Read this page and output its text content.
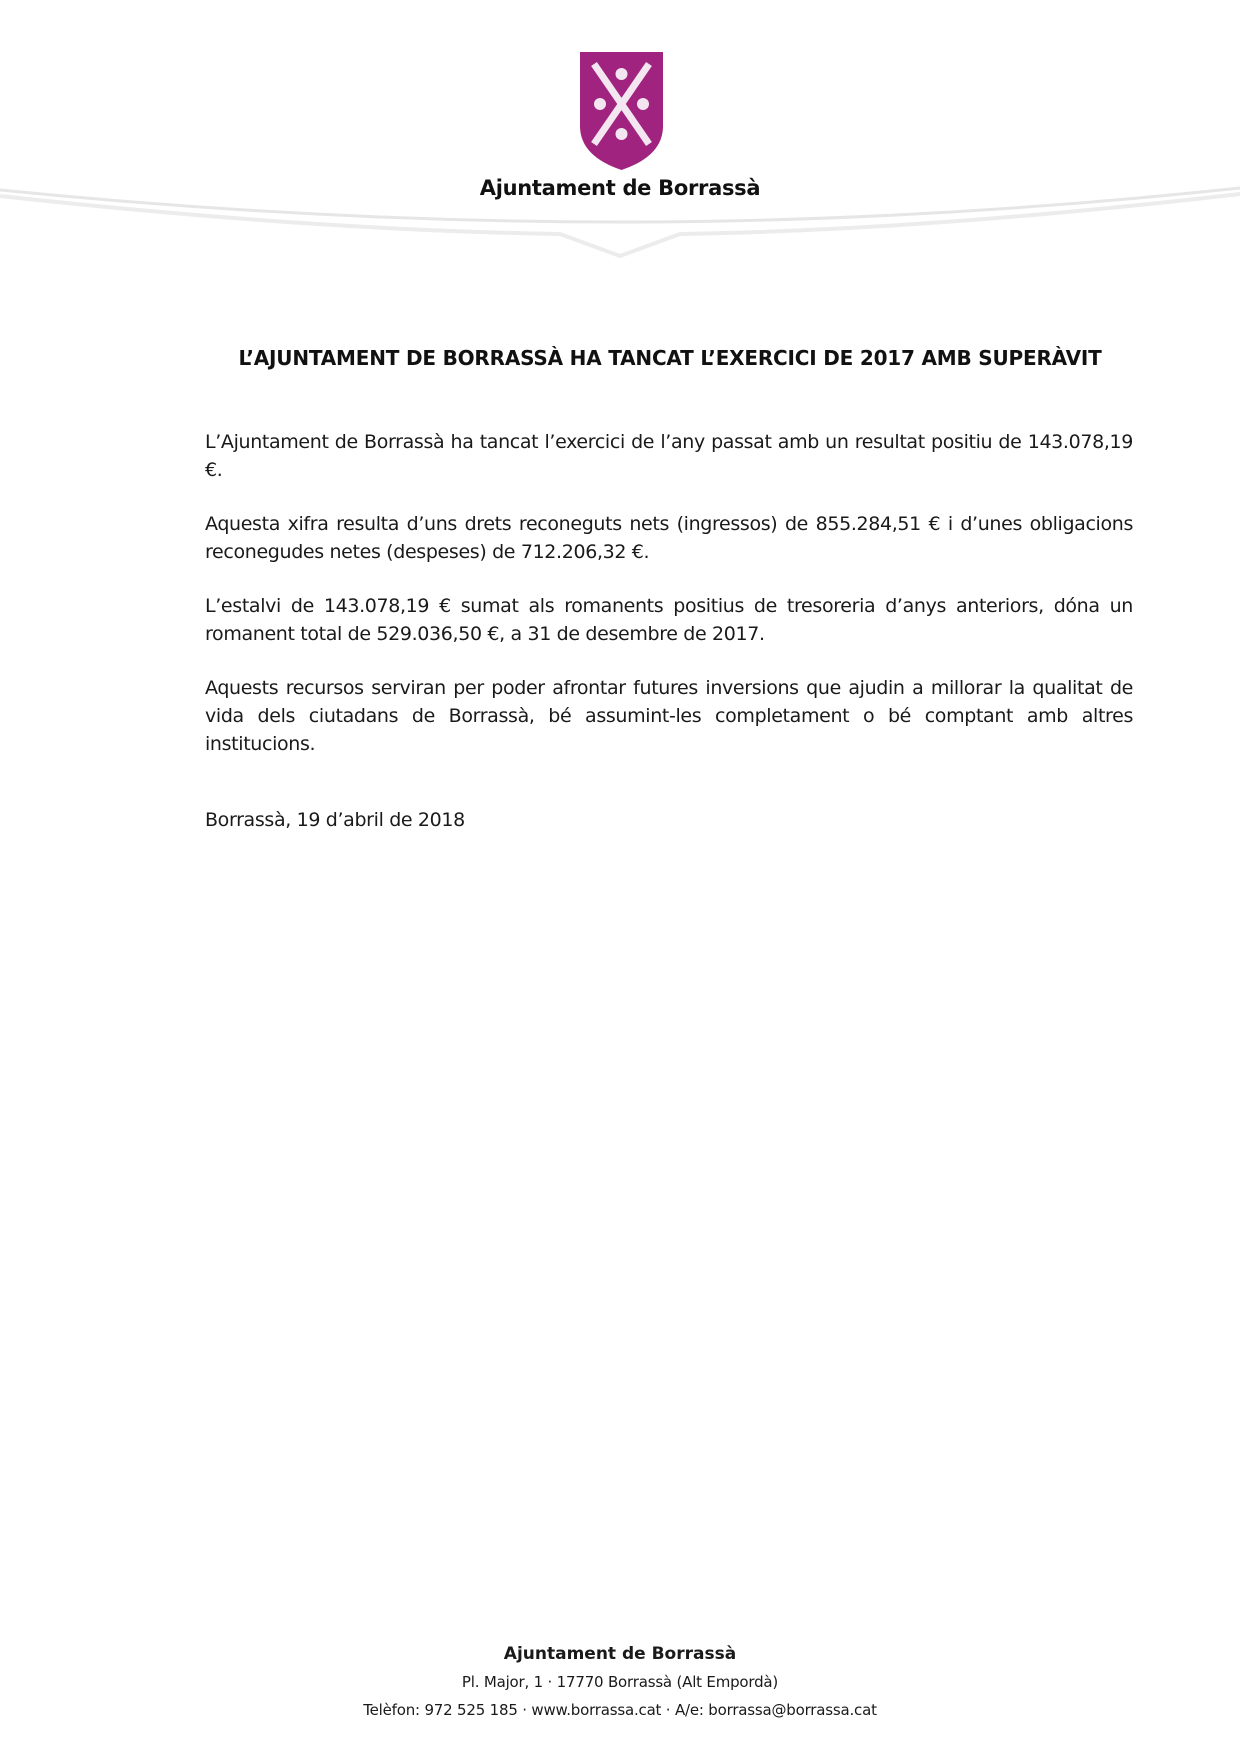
Ajuntament de Borrassà
L’AJUNTAMENT DE BORRASSÀ HA TANCAT L’EXERCICI DE 2017 AMB SUPERÀVIT

L’Ajuntament de Borrassà ha tancat l’exercici de l’any passat amb un resultat positiu de 143.078,19 €.

Aquesta xifra resulta d’uns drets reconeguts nets (ingressos) de 855.284,51 € i d’unes obligacions reconegudes netes (despeses) de 712.206,32 €.

L’estalvi de 143.078,19 € sumat als romanents positius de tresoreria d’anys anteriors, dóna un romanent total de 529.036,50 €, a 31 de desembre de 2017.

Aquests recursos serviran per poder afrontar futures inversions que ajudin a millorar la qualitat de vida dels ciutadans de Borrassà, bé assumint-les completament o bé comptant amb altres institucions.

Borrassà, 19 d’abril de 2018
Ajuntament de Borrassà
Pl. Major, 1 · 17770 Borrassà (Alt Empordà)
Telèfon: 972 525 185 · www.borrassa.cat · A/e: borrassa@borrassa.cat
